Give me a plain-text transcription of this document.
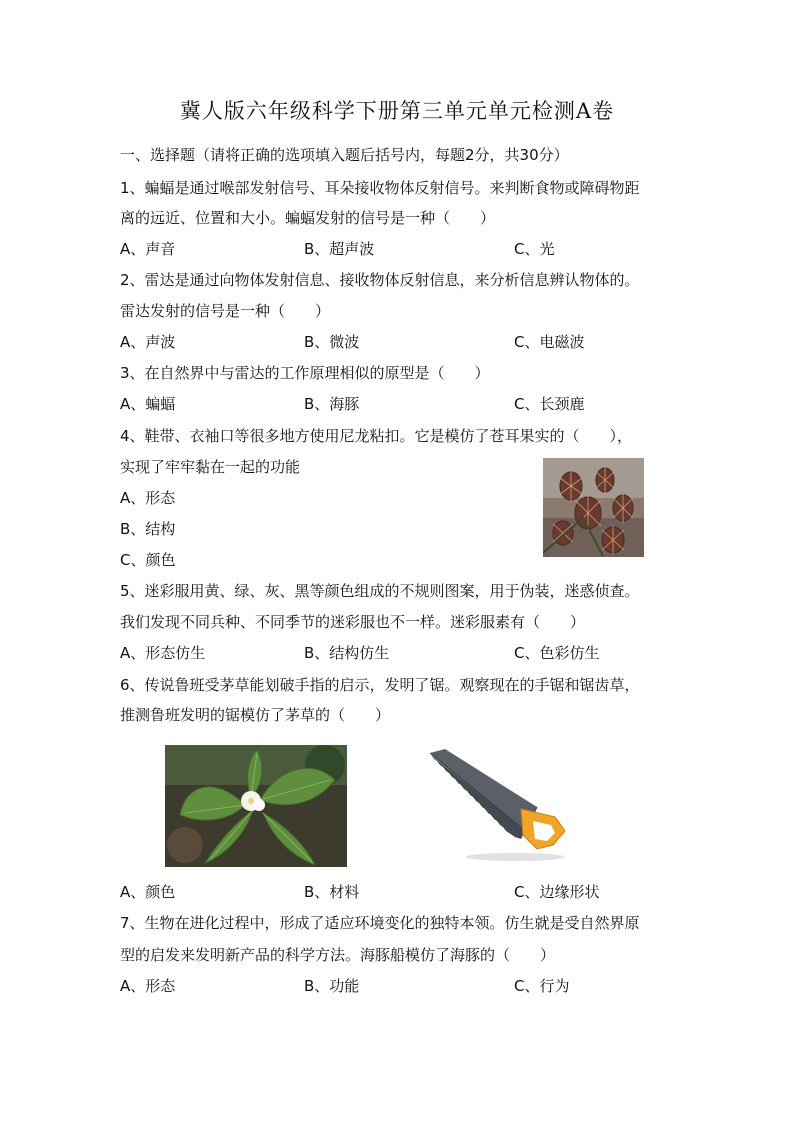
冀人版六年级科学下册第三单元单元检测A卷
一、选择题（请将正确的选项填入题后括号内，每题2分，共30分）
1、蝙蝠是通过喉部发射信号、耳朵接收物体反射信号。来判断食物或障碍物距
离的远近、位置和大小。蝙蝠发射的信号是一种（　　）
A、声音	B、超声波	C、光
2、雷达是通过向物体发射信息、接收物体反射信息，来分析信息辨认物体的。
雷达发射的信号是一种（　　）
A、声波	B、微波	C、电磁波
3、在自然界中与雷达的工作原理相似的原型是（　　）
A、蝙蝠	B、海豚	C、长颈鹿
4、鞋带、衣袖口等很多地方使用尼龙粘扣。它是模仿了苍耳果实的（　　），
实现了牢牢黏在一起的功能
A、形态
B、结构
C、颜色
5、迷彩服用黄、绿、灰、黑等颜色组成的不规则图案，用于伪装，迷惑侦查。
我们发现不同兵种、不同季节的迷彩服也不一样。迷彩服素有（　　）
A、形态仿生	B、结构仿生	C、色彩仿生
6、传说鲁班受茅草能划破手指的启示，发明了锯。观察现在的手锯和锯齿草，
推测鲁班发明的锯模仿了茅草的（　　）
A、颜色	B、材料	C、边缘形状
7、生物在进化过程中，形成了适应环境变化的独特本领。仿生就是受自然界原
型的启发来发明新产品的科学方法。海豚船模仿了海豚的（　　）
A、形态	B、功能	C、行为
